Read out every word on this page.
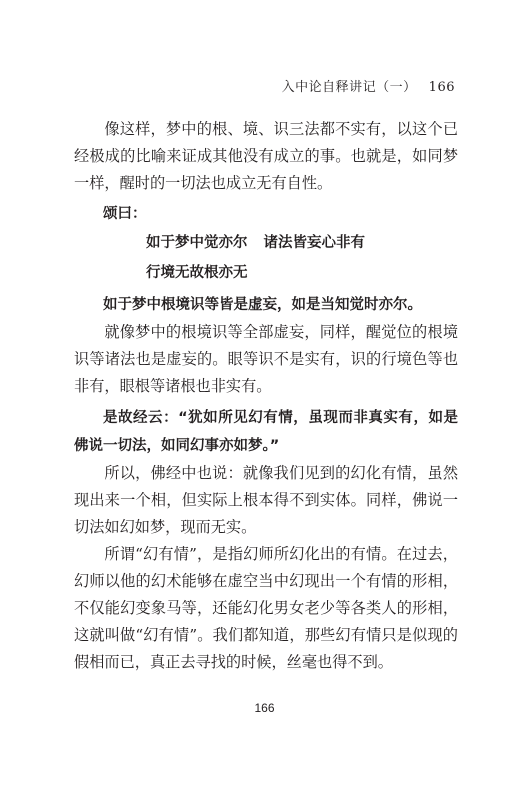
入中论自释讲记（一） 166

像这样，梦中的根、境、识三法都不实有，以这个已经极成的比喻来证成其他没有成立的事。也就是，如同梦一样，醒时的一切法也成立无有自性。

颂曰：

如于梦中觉亦尔 诸法皆妄心非有

行境无故根亦无

如于梦中根境识等皆是虚妄，如是当知觉时亦尔。

就像梦中的根境识等全部虚妄，同样，醒觉位的根境识等诸法也是虚妄的。眼等识不是实有，识的行境色等也非有，眼根等诸根也非实有。

是故经云：“犹如所见幻有情，虽现而非真实有，如是佛说一切法，如同幻事亦如梦。”

所以，佛经中也说：就像我们见到的幻化有情，虽然现出来一个相，但实际上根本得不到实体。同样，佛说一切法如幻如梦，现而无实。

所谓“幻有情”，是指幻师所幻化出的有情。在过去，幻师以他的幻术能够在虚空当中幻现出一个有情的形相，不仅能幻变象马等，还能幻化男女老少等各类人的形相，这就叫做“幻有情”。我们都知道，那些幻有情只是似现的假相而已，真正去寻找的时候，丝毫也得不到。

166
